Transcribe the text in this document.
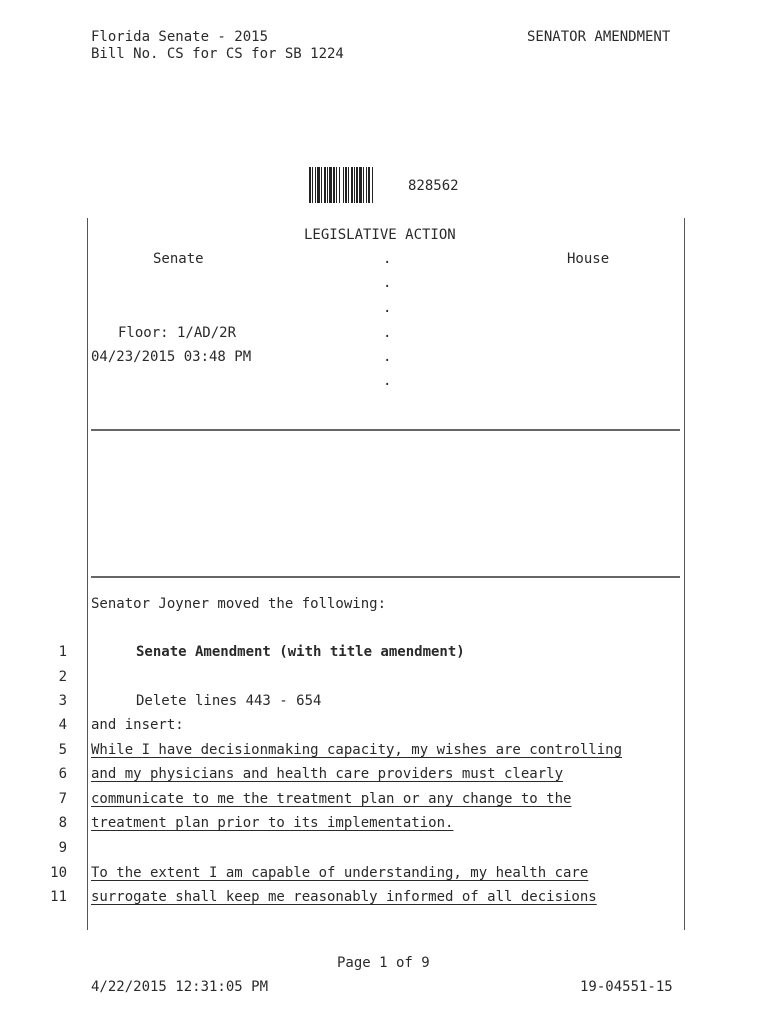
Florida Senate - 2015
Bill No. CS for CS for SB 1224
SENATOR AMENDMENT
828562
LEGISLATIVE ACTION
Senate	House
.
.
.
.
.
.
Floor: 1/AD/2R
04/23/2015 03:48 PM
Senator Joyner moved the following:
1	Senate Amendment (with title amendment)
2
3	Delete lines 443 - 654
4 and insert:
5 While I have decisionmaking capacity, my wishes are controlling
6 and my physicians and health care providers must clearly
7 communicate to me the treatment plan or any change to the
8 treatment plan prior to its implementation.
9
10 To the extent I am capable of understanding, my health care
11 surrogate shall keep me reasonably informed of all decisions
Page 1 of 9
4/22/2015 12:31:05 PM	19-04551-15
